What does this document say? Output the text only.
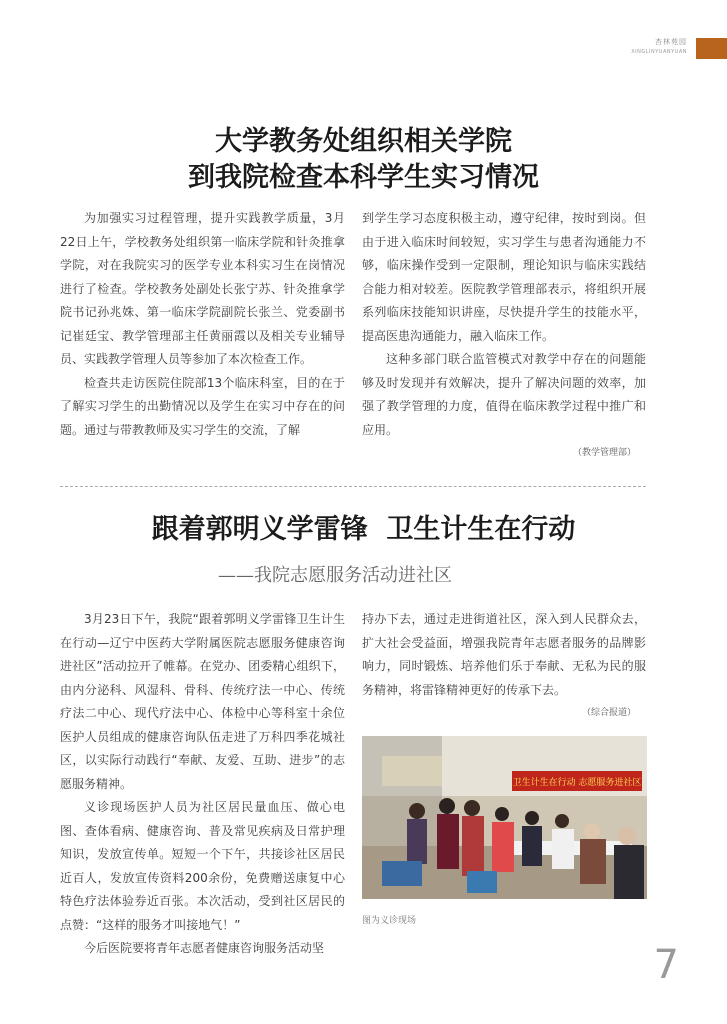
杏林苑园
XINGLINYUANYUAN
大学教务处组织相关学院
到我院检查本科学生实习情况

为加强实习过程管理，提升实践教学质量，3月22日上午，学校教务处组织第一临床学院和针灸推拿学院，对在我院实习的医学专业本科实习生在岗情况进行了检查。学校教务处副处长张宁苏、针灸推拿学院书记孙兆姝、第一临床学院副院长张兰、党委副书记崔廷宝、教学管理部主任黄丽霞以及相关专业辅导员、实践教学管理人员等参加了本次检查工作。

检查共走访医院住院部13个临床科室，目的在于了解实习学生的出勤情况以及学生在实习中存在的问题。通过与带教教师及实习学生的交流，了解

到学生学习态度积极主动，遵守纪律，按时到岗。但由于进入临床时间较短，实习学生与患者沟通能力不够，临床操作受到一定限制，理论知识与临床实践结合能力相对较差。医院教学管理部表示，将组织开展系列临床技能知识讲座，尽快提升学生的技能水平，提高医患沟通能力，融入临床工作。

这种多部门联合监管模式对教学中存在的问题能够及时发现并有效解决，提升了解决问题的效率，加强了教学管理的力度，值得在临床教学过程中推广和应用。

（教学管理部）

跟着郭明义学雷锋  卫生计生在行动
——我院志愿服务活动进社区

3月23日下午，我院“跟着郭明义学雷锋卫生计生在行动—辽宁中医药大学附属医院志愿服务健康咨询进社区”活动拉开了帷幕。在党办、团委精心组织下，由内分泌科、风湿科、骨科、传统疗法一中心、传统疗法二中心、现代疗法中心、体检中心等科室十余位医护人员组成的健康咨询队伍走进了万科四季花城社区，以实际行动践行“奉献、友爱、互助、进步”的志愿服务精神。

义诊现场医护人员为社区居民量血压、做心电图、查体看病、健康咨询、普及常见疾病及日常护理知识，发放宣传单。短短一个下午，共接诊社区居民近百人，发放宣传资料200余份，免费赠送康复中心特色疗法体验券近百张。本次活动，受到社区居民的点赞：“这样的服务才叫接地气！”

今后医院要将青年志愿者健康咨询服务活动坚

持办下去，通过走进街道社区，深入到人民群众去，扩大社会受益面，增强我院青年志愿者服务的品牌影响力，同时锻炼、培养他们乐于奉献、无私为民的服务精神，将雷锋精神更好的传承下去。

（综合报道）

卫生计生在行动 志愿服务进社区
图为义诊现场
7
